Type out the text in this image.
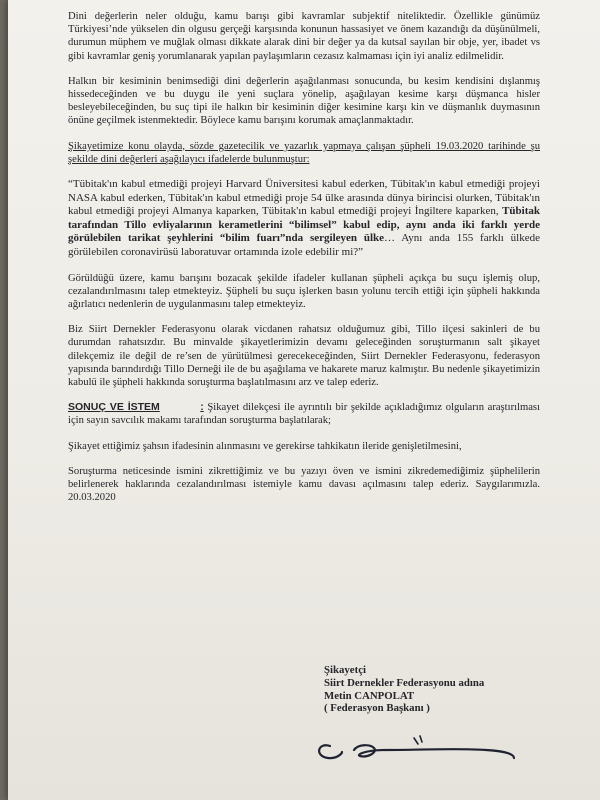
Dini değerlerin neler olduğu, kamu barışı gibi kavramlar subjektif niteliktedir. Özellikle günümüz Türkiyesi’nde yükselen din olgusu gerçeği karşısında konunun hassasiyet ve önem kazandığı da düşünülmeli, durumun müphem ve muğlak olması dikkate alarak dini bir değer ya da kutsal sayılan bir obje, yer, ibadet vs gibi kavramlar geniş yorumlanarak yapılan paylaşımların cezasız kalmaması için iyi analiz edilmelidir.

Halkın bir kesiminin benimsediği dini değerlerin aşağılanması sonucunda, bu kesim kendisini dışlanmış hissedeceğinden ve bu duygu ile yeni suçlara yönelip, aşağılayan kesime karşı düşmanca hisler besleyebileceğinden, bu suç tipi ile halkın bir kesiminin diğer kesimine karşı kin ve düşmanlık duymasının önüne geçilmek istenmektedir. Böylece kamu barışını korumak amaçlanmaktadır.

Şikayetimize konu olayda, sözde gazetecilik ve yazarlık yapmaya çalışan şüpheli 19.03.2020 tarihinde şu şekilde dini değerleri aşağılayıcı ifadelerde bulunmuştur:

“Tübitak'ın kabul etmediği projeyi Harvard Üniversitesi kabul ederken, Tübitak'ın kabul etmediği projeyi NASA kabul ederken, Tübitak'ın kabul etmediği proje 54 ülke arasında dünya birincisi olurken, Tübitak'ın kabul etmediği projeyi Almanya kaparken, Tübitak'ın kabul etmediği projeyi İngiltere kaparken, Tübitak tarafından Tillo evliyalarının kerametlerini “bilimsel” kabul edip, aynı anda iki farklı yerde görülebilen tarikat şeyhlerini “bilim fuarı”nda sergileyen ülke… Aynı anda 155 farklı ülkede görülebilen coronavirüsü laboratuvar ortamında izole edebilir mi?”

Görüldüğü üzere, kamu barışını bozacak şekilde ifadeler kullanan şüpheli açıkça bu suçu işlemiş olup, cezalandırılmasını talep etmekteyiz. Şüpheli bu suçu işlerken basın yolunu tercih ettiği için şüpheli hakkında ağırlatıcı nedenlerin de uygulanmasını talep etmekteyiz.

Biz Siirt Dernekler Federasyonu olarak vicdanen rahatsız olduğumuz gibi, Tillo ilçesi sakinleri de bu durumdan rahatsızdır. Bu minvalde şikayetlerimizin devamı geleceğinden soruşturmanın salt şikayet dilekçemiz ile değil de re’sen de yürütülmesi gerecekeceğinden, Siirt Dernekler Federasyonu, federasyon yapısında barındırdığı Tillo Derneği ile de bu aşağılama ve hakarete maruz kalmıştır. Bu nedenle şikayetimizin kabulü ile şüpheli hakkında soruşturma başlatılmasını arz ve talep ederiz.

SONUÇ VE İSTEM	: Şikayet dilekçesi ile ayrıntılı bir şekilde açıkladığımız olguların araştırılması için sayın savcılık makamı tarafından soruşturma başlatılarak;

Şikayet ettiğimiz şahsın ifadesinin alınmasını ve gerekirse tahkikatın ileride genişletilmesini,

Soruşturma neticesinde ismini zikrettiğimiz ve bu yazıyı öven ve ismini zikredemediğimiz şüphelilerin belirlenerek haklarında cezalandırılması istemiyle kamu davası açılmasını talep ederiz. Saygılarımızla. 20.03.2020

Şikayetçi
Siirt Dernekler Federasyonu adına
Metin CANPOLAT
( Federasyon Başkanı )
